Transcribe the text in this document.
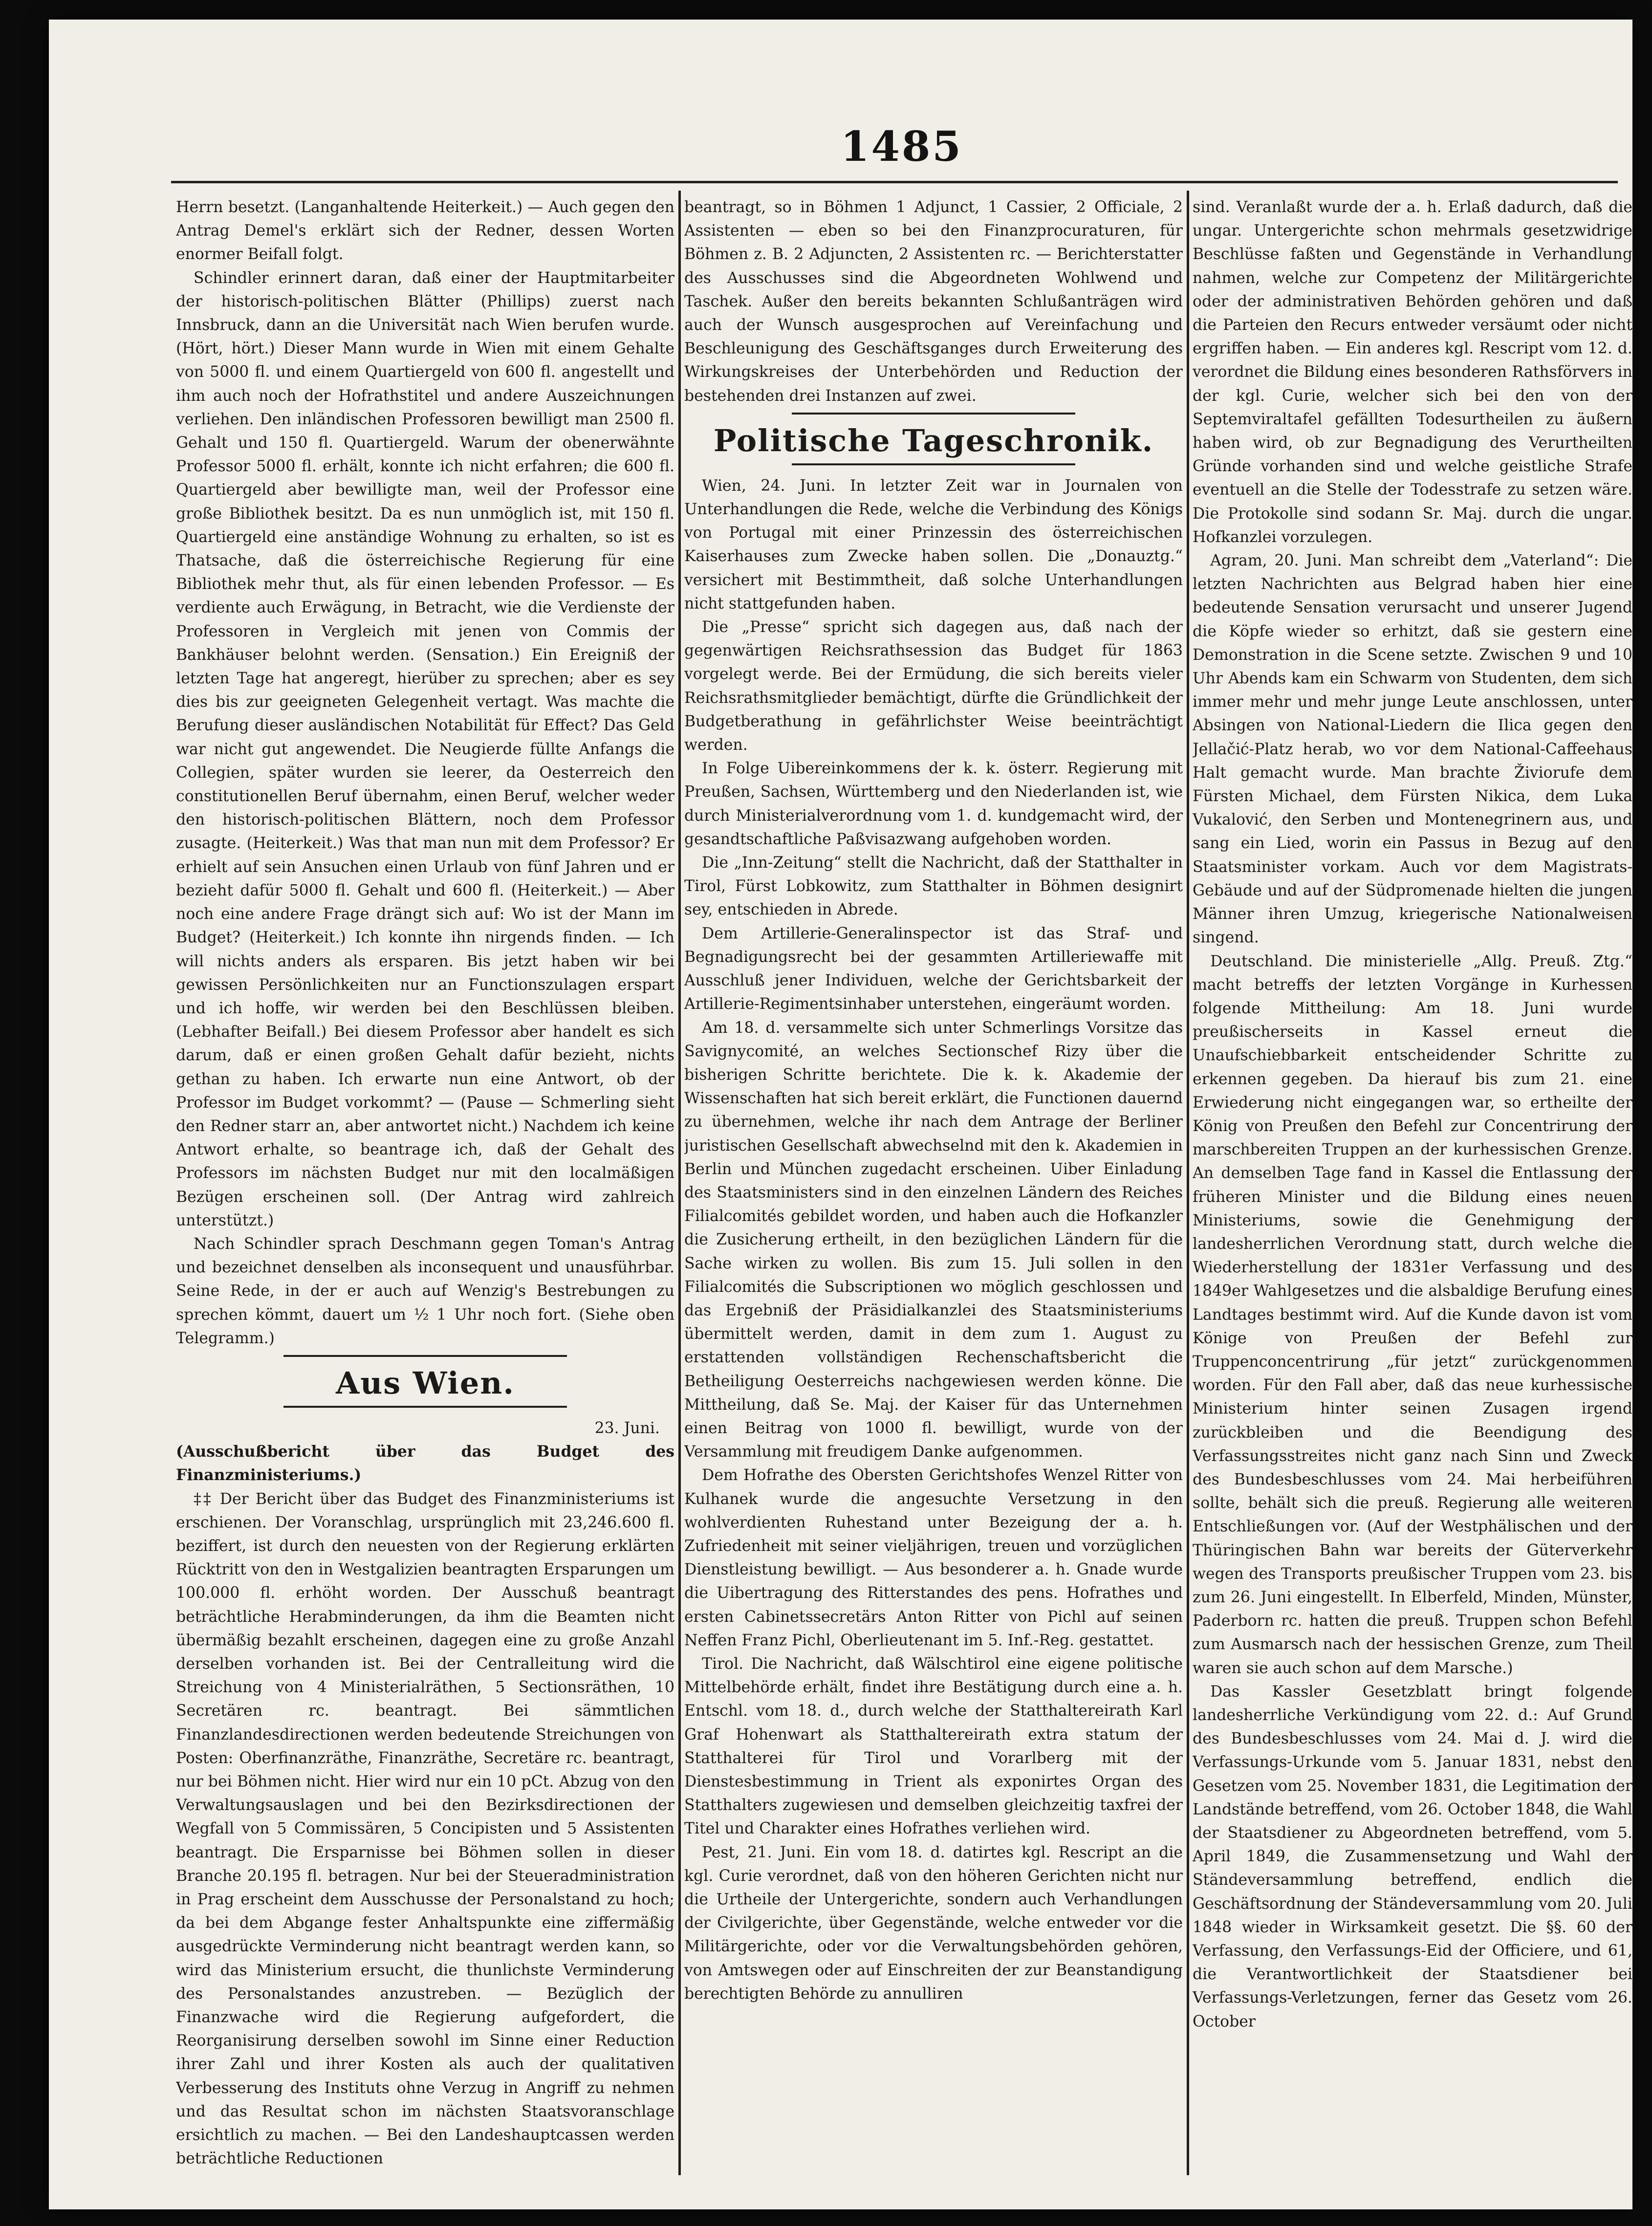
1485

Herrn besetzt. (Langanhaltende Heiterkeit.) — Auch gegen den Antrag Demel's erklärt sich der Redner, dessen Worten enormer Beifall folgt.

Schindler erinnert daran, daß einer der Hauptmitarbeiter der historisch-politischen Blätter (Phillips) zuerst nach Innsbruck, dann an die Universität nach Wien berufen wurde. (Hört, hört.) Dieser Mann wurde in Wien mit einem Gehalte von 5000 fl. und einem Quartiergeld von 600 fl. angestellt und ihm auch noch der Hofrathstitel und andere Auszeichnungen verliehen. Den inländischen Professoren bewilligt man 2500 fl. Gehalt und 150 fl. Quartiergeld. Warum der obenerwähnte Professor 5000 fl. erhält, konnte ich nicht erfahren; die 600 fl. Quartiergeld aber bewilligte man, weil der Professor eine große Bibliothek besitzt. Da es nun unmöglich ist, mit 150 fl. Quartiergeld eine anständige Wohnung zu erhalten, so ist es Thatsache, daß die österreichische Regierung für eine Bibliothek mehr thut, als für einen lebenden Professor. — Es verdiente auch Erwägung, in Betracht, wie die Verdienste der Professoren in Vergleich mit jenen von Commis der Bankhäuser belohnt werden. (Sensation.) Ein Ereigniß der letzten Tage hat angeregt, hierüber zu sprechen; aber es sey dies bis zur geeigneten Gelegenheit vertagt. Was machte die Berufung dieser ausländischen Notabilität für Effect? Das Geld war nicht gut angewendet. Die Neugierde füllte Anfangs die Collegien, später wurden sie leerer, da Oesterreich den constitutionellen Beruf übernahm, einen Beruf, welcher weder den historisch-politischen Blättern, noch dem Professor zusagte. (Heiterkeit.) Was that man nun mit dem Professor? Er erhielt auf sein Ansuchen einen Urlaub von fünf Jahren und er bezieht dafür 5000 fl. Gehalt und 600 fl. (Heiterkeit.) — Aber noch eine andere Frage drängt sich auf: Wo ist der Mann im Budget? (Heiterkeit.) Ich konnte ihn nirgends finden. — Ich will nichts anders als ersparen. Bis jetzt haben wir bei gewissen Persönlichkeiten nur an Functionszulagen erspart und ich hoffe, wir werden bei den Beschlüssen bleiben. (Lebhafter Beifall.) Bei diesem Professor aber handelt es sich darum, daß er einen großen Gehalt dafür bezieht, nichts gethan zu haben. Ich erwarte nun eine Antwort, ob der Professor im Budget vorkommt? — (Pause — Schmerling sieht den Redner starr an, aber antwortet nicht.) Nachdem ich keine Antwort erhalte, so beantrage ich, daß der Gehalt des Professors im nächsten Budget nur mit den localmäßigen Bezügen erscheinen soll. (Der Antrag wird zahlreich unterstützt.)

Nach Schindler sprach Deschmann gegen Toman's Antrag und bezeichnet denselben als inconsequent und unausführbar. Seine Rede, in der er auch auf Wenzig's Bestrebungen zu sprechen kömmt, dauert um ½ 1 Uhr noch fort. (Siehe oben Telegramm.)

Aus Wien.
23. Juni.

(Ausschußbericht über das Budget des Finanzministeriums.)

‡‡ Der Bericht über das Budget des Finanzministeriums ist erschienen. Der Voranschlag, ursprünglich mit 23,246.600 fl. beziffert, ist durch den neuesten von der Regierung erklärten Rücktritt von den in Westgalizien beantragten Ersparungen um 100.000 fl. erhöht worden. Der Ausschuß beantragt beträchtliche Herabminderungen, da ihm die Beamten nicht übermäßig bezahlt erscheinen, dagegen eine zu große Anzahl derselben vorhanden ist. Bei der Centralleitung wird die Streichung von 4 Ministerialräthen, 5 Sectionsräthen, 10 Secretären rc. beantragt. Bei sämmtlichen Finanzlandesdirectionen werden bedeutende Streichungen von Posten: Oberfinanzräthe, Finanzräthe, Secretäre rc. beantragt, nur bei Böhmen nicht. Hier wird nur ein 10 pCt. Abzug von den Verwaltungsauslagen und bei den Bezirksdirectionen der Wegfall von 5 Commissären, 5 Concipisten und 5 Assistenten beantragt. Die Ersparnisse bei Böhmen sollen in dieser Branche 20.195 fl. betragen. Nur bei der Steueradministration in Prag erscheint dem Ausschusse der Personalstand zu hoch; da bei dem Abgange fester Anhaltspunkte eine ziffermäßig ausgedrückte Verminderung nicht beantragt werden kann, so wird das Ministerium ersucht, die thunlichste Verminderung des Personalstandes anzustreben. — Bezüglich der Finanzwache wird die Regierung aufgefordert, die Reorganisirung derselben sowohl im Sinne einer Reduction ihrer Zahl und ihrer Kosten als auch der qualitativen Verbesserung des Instituts ohne Verzug in Angriff zu nehmen und das Resultat schon im nächsten Staatsvoranschlage ersichtlich zu machen. — Bei den Landeshauptcassen werden beträchtliche Reductionen

beantragt, so in Böhmen 1 Adjunct, 1 Cassier, 2 Officiale, 2 Assistenten — eben so bei den Finanzprocuraturen, für Böhmen z. B. 2 Adjuncten, 2 Assistenten rc. — Berichterstatter des Ausschusses sind die Abgeordneten Wohlwend und Taschek. Außer den bereits bekannten Schlußanträgen wird auch der Wunsch ausgesprochen auf Vereinfachung und Beschleunigung des Geschäftsganges durch Erweiterung des Wirkungskreises der Unterbehörden und Reduction der bestehenden drei Instanzen auf zwei.

Politische Tageschronik.

Wien, 24. Juni. In letzter Zeit war in Journalen von Unterhandlungen die Rede, welche die Verbindung des Königs von Portugal mit einer Prinzessin des österreichischen Kaiserhauses zum Zwecke haben sollen. Die „Donauztg.“ versichert mit Bestimmtheit, daß solche Unterhandlungen nicht stattgefunden haben.

Die „Presse“ spricht sich dagegen aus, daß nach der gegenwärtigen Reichsrathsession das Budget für 1863 vorgelegt werde. Bei der Ermüdung, die sich bereits vieler Reichsrathsmitglieder bemächtigt, dürfte die Gründlichkeit der Budgetberathung in gefährlichster Weise beeinträchtigt werden.

In Folge Uibereinkommens der k. k. österr. Regierung mit Preußen, Sachsen, Württemberg und den Niederlanden ist, wie durch Ministerialverordnung vom 1. d. kundgemacht wird, der gesandtschaftliche Paßvisazwang aufgehoben worden.

Die „Inn-Zeitung“ stellt die Nachricht, daß der Statthalter in Tirol, Fürst Lobkowitz, zum Statthalter in Böhmen designirt sey, entschieden in Abrede.

Dem Artillerie-Generalinspector ist das Straf- und Begnadigungsrecht bei der gesammten Artilleriewaffe mit Ausschluß jener Individuen, welche der Gerichtsbarkeit der Artillerie-Regimentsinhaber unterstehen, eingeräumt worden.

Am 18. d. versammelte sich unter Schmerlings Vorsitze das Savignycomité, an welches Sectionschef Rizy über die bisherigen Schritte berichtete. Die k. k. Akademie der Wissenschaften hat sich bereit erklärt, die Functionen dauernd zu übernehmen, welche ihr nach dem Antrage der Berliner juristischen Gesellschaft abwechselnd mit den k. Akademien in Berlin und München zugedacht erscheinen. Uiber Einladung des Staatsministers sind in den einzelnen Ländern des Reiches Filialcomités gebildet worden, und haben auch die Hofkanzler die Zusicherung ertheilt, in den bezüglichen Ländern für die Sache wirken zu wollen. Bis zum 15. Juli sollen in den Filialcomités die Subscriptionen wo möglich geschlossen und das Ergebniß der Präsidialkanzlei des Staatsministeriums übermittelt werden, damit in dem zum 1. August zu erstattenden vollständigen Rechenschaftsbericht die Betheiligung Oesterreichs nachgewiesen werden könne. Die Mittheilung, daß Se. Maj. der Kaiser für das Unternehmen einen Beitrag von 1000 fl. bewilligt, wurde von der Versammlung mit freudigem Danke aufgenommen.

Dem Hofrathe des Obersten Gerichtshofes Wenzel Ritter von Kulhanek wurde die angesuchte Versetzung in den wohlverdienten Ruhestand unter Bezeigung der a. h. Zufriedenheit mit seiner vieljährigen, treuen und vorzüglichen Dienstleistung bewilligt. — Aus besonderer a. h. Gnade wurde die Uibertragung des Ritterstandes des pens. Hofrathes und ersten Cabinetssecretärs Anton Ritter von Pichl auf seinen Neffen Franz Pichl, Oberlieutenant im 5. Inf.-Reg. gestattet.

Tirol. Die Nachricht, daß Wälschtirol eine eigene politische Mittelbehörde erhält, findet ihre Bestätigung durch eine a. h. Entschl. vom 18. d., durch welche der Statthaltereirath Karl Graf Hohenwart als Statthaltereirath extra statum der Statthalterei für Tirol und Vorarlberg mit der Dienstesbestimmung in Trient als exponirtes Organ des Statthalters zugewiesen und demselben gleichzeitig taxfrei der Titel und Charakter eines Hofrathes verliehen wird.

Pest, 21. Juni. Ein vom 18. d. datirtes kgl. Rescript an die kgl. Curie verordnet, daß von den höheren Gerichten nicht nur die Urtheile der Untergerichte, sondern auch Verhandlungen der Civilgerichte, über Gegenstände, welche entweder vor die Militärgerichte, oder vor die Verwaltungsbehörden gehören, von Amtswegen oder auf Einschreiten der zur Beanstandigung berechtigten Behörde zu annulliren

sind. Veranlaßt wurde der a. h. Erlaß dadurch, daß die ungar. Untergerichte schon mehrmals gesetzwidrige Beschlüsse faßten und Gegenstände in Verhandlung nahmen, welche zur Competenz der Militärgerichte oder der administrativen Behörden gehören und daß die Parteien den Recurs entweder versäumt oder nicht ergriffen haben. — Ein anderes kgl. Rescript vom 12. d. verordnet die Bildung eines besonderen Rathsförvers in der kgl. Curie, welcher sich bei den von der Septemviraltafel gefällten Todesurtheilen zu äußern haben wird, ob zur Begnadigung des Verurtheilten Gründe vorhanden sind und welche geistliche Strafe eventuell an die Stelle der Todesstrafe zu setzen wäre. Die Protokolle sind sodann Sr. Maj. durch die ungar. Hofkanzlei vorzulegen.

Agram, 20. Juni. Man schreibt dem „Vaterland“: Die letzten Nachrichten aus Belgrad haben hier eine bedeutende Sensation verursacht und unserer Jugend die Köpfe wieder so erhitzt, daß sie gestern eine Demonstration in die Scene setzte. Zwischen 9 und 10 Uhr Abends kam ein Schwarm von Studenten, dem sich immer mehr und mehr junge Leute anschlossen, unter Absingen von National-Liedern die Ilica gegen den Jellačić-Platz herab, wo vor dem National-Caffeehaus Halt gemacht wurde. Man brachte Živiorufe dem Fürsten Michael, dem Fürsten Nikica, dem Luka Vukalović, den Serben und Montenegrinern aus, und sang ein Lied, worin ein Passus in Bezug auf den Staatsminister vorkam. Auch vor dem Magistrats-Gebäude und auf der Südpromenade hielten die jungen Männer ihren Umzug, kriegerische Nationalweisen singend.

Deutschland. Die ministerielle „Allg. Preuß. Ztg.“ macht betreffs der letzten Vorgänge in Kurhessen folgende Mittheilung: Am 18. Juni wurde preußischerseits in Kassel erneut die Unaufschiebbarkeit entscheidender Schritte zu erkennen gegeben. Da hierauf bis zum 21. eine Erwiederung nicht eingegangen war, so ertheilte der König von Preußen den Befehl zur Concentrirung der marschbereiten Truppen an der kurhessischen Grenze. An demselben Tage fand in Kassel die Entlassung der früheren Minister und die Bildung eines neuen Ministeriums, sowie die Genehmigung der landesherrlichen Verordnung statt, durch welche die Wiederherstellung der 1831er Verfassung und des 1849er Wahlgesetzes und die alsbaldige Berufung eines Landtages bestimmt wird. Auf die Kunde davon ist vom Könige von Preußen der Befehl zur Truppenconcentrirung „für jetzt“ zurückgenommen worden. Für den Fall aber, daß das neue kurhessische Ministerium hinter seinen Zusagen irgend zurückbleiben und die Beendigung des Verfassungsstreites nicht ganz nach Sinn und Zweck des Bundesbeschlusses vom 24. Mai herbeiführen sollte, behält sich die preuß. Regierung alle weiteren Entschließungen vor. (Auf der Westphälischen und der Thüringischen Bahn war bereits der Güterverkehr wegen des Transports preußischer Truppen vom 23. bis zum 26. Juni eingestellt. In Elberfeld, Minden, Münster, Paderborn rc. hatten die preuß. Truppen schon Befehl zum Ausmarsch nach der hessischen Grenze, zum Theil waren sie auch schon auf dem Marsche.)

Das Kassler Gesetzblatt bringt folgende landesherrliche Verkündigung vom 22. d.: Auf Grund des Bundesbeschlusses vom 24. Mai d. J. wird die Verfassungs-Urkunde vom 5. Januar 1831, nebst den Gesetzen vom 25. November 1831, die Legitimation der Landstände betreffend, vom 26. October 1848, die Wahl der Staatsdiener zu Abgeordneten betreffend, vom 5. April 1849, die Zusammensetzung und Wahl der Ständeversammlung betreffend, endlich die Geschäftsordnung der Ständeversammlung vom 20. Juli 1848 wieder in Wirksamkeit gesetzt. Die §§. 60 der Verfassung, den Verfassungs-Eid der Officiere, und 61, die Verantwortlichkeit der Staatsdiener bei Verfassungs-Verletzungen, ferner das Gesetz vom 26. October
